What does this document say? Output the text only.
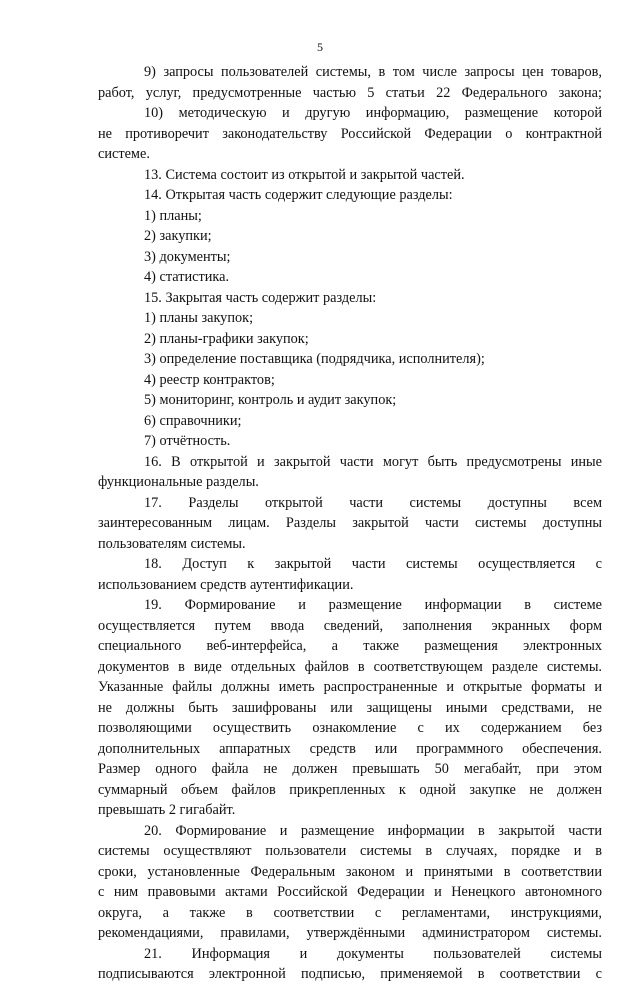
5
9) запросы пользователей системы, в том числе запросы цен товаров,
работ, услуг, предусмотренные частью 5 статьи 22 Федерального закона;
10) методическую и другую информацию, размещение которой
не противоречит законодательству Российской Федерации о контрактной
системе.
13. Система состоит из открытой и закрытой частей.
14. Открытая часть содержит следующие разделы:
1) планы;
2) закупки;
3) документы;
4) статистика.
15. Закрытая часть содержит разделы:
1) планы закупок;
2) планы-графики закупок;
3) определение поставщика (подрядчика, исполнителя);
4) реестр контрактов;
5) мониторинг, контроль и аудит закупок;
6) справочники;
7) отчётность.
16. В открытой и закрытой части могут быть предусмотрены иные
функциональные разделы.
17. Разделы открытой части системы доступны всем
заинтересованным лицам. Разделы закрытой части системы доступны
пользователям системы.
18. Доступ к закрытой части системы осуществляется с
использованием средств аутентификации.
19. Формирование и размещение информации в системе
осуществляется путем ввода сведений, заполнения экранных форм
специального веб-интерфейса, а также размещения электронных
документов в виде отдельных файлов в соответствующем разделе системы.
Указанные файлы должны иметь распространенные и открытые форматы и
не должны быть зашифрованы или защищены иными средствами, не
позволяющими осуществить ознакомление с их содержанием без
дополнительных аппаратных средств или программного обеспечения.
Размер одного файла не должен превышать 50 мегабайт, при этом
суммарный объем файлов прикрепленных к одной закупке не должен
превышать 2 гигабайт.
20. Формирование и размещение информации в закрытой части
системы осуществляют пользователи системы в случаях, порядке и в
сроки, установленные Федеральным законом и принятыми в соответствии
с ним правовыми актами Российской Федерации и Ненецкого автономного
округа, а также в соответствии с регламентами, инструкциями,
рекомендациями, правилами, утверждёнными администратором системы.
21. Информация и документы пользователей системы
подписываются электронной подписью, применяемой в соответствии с
